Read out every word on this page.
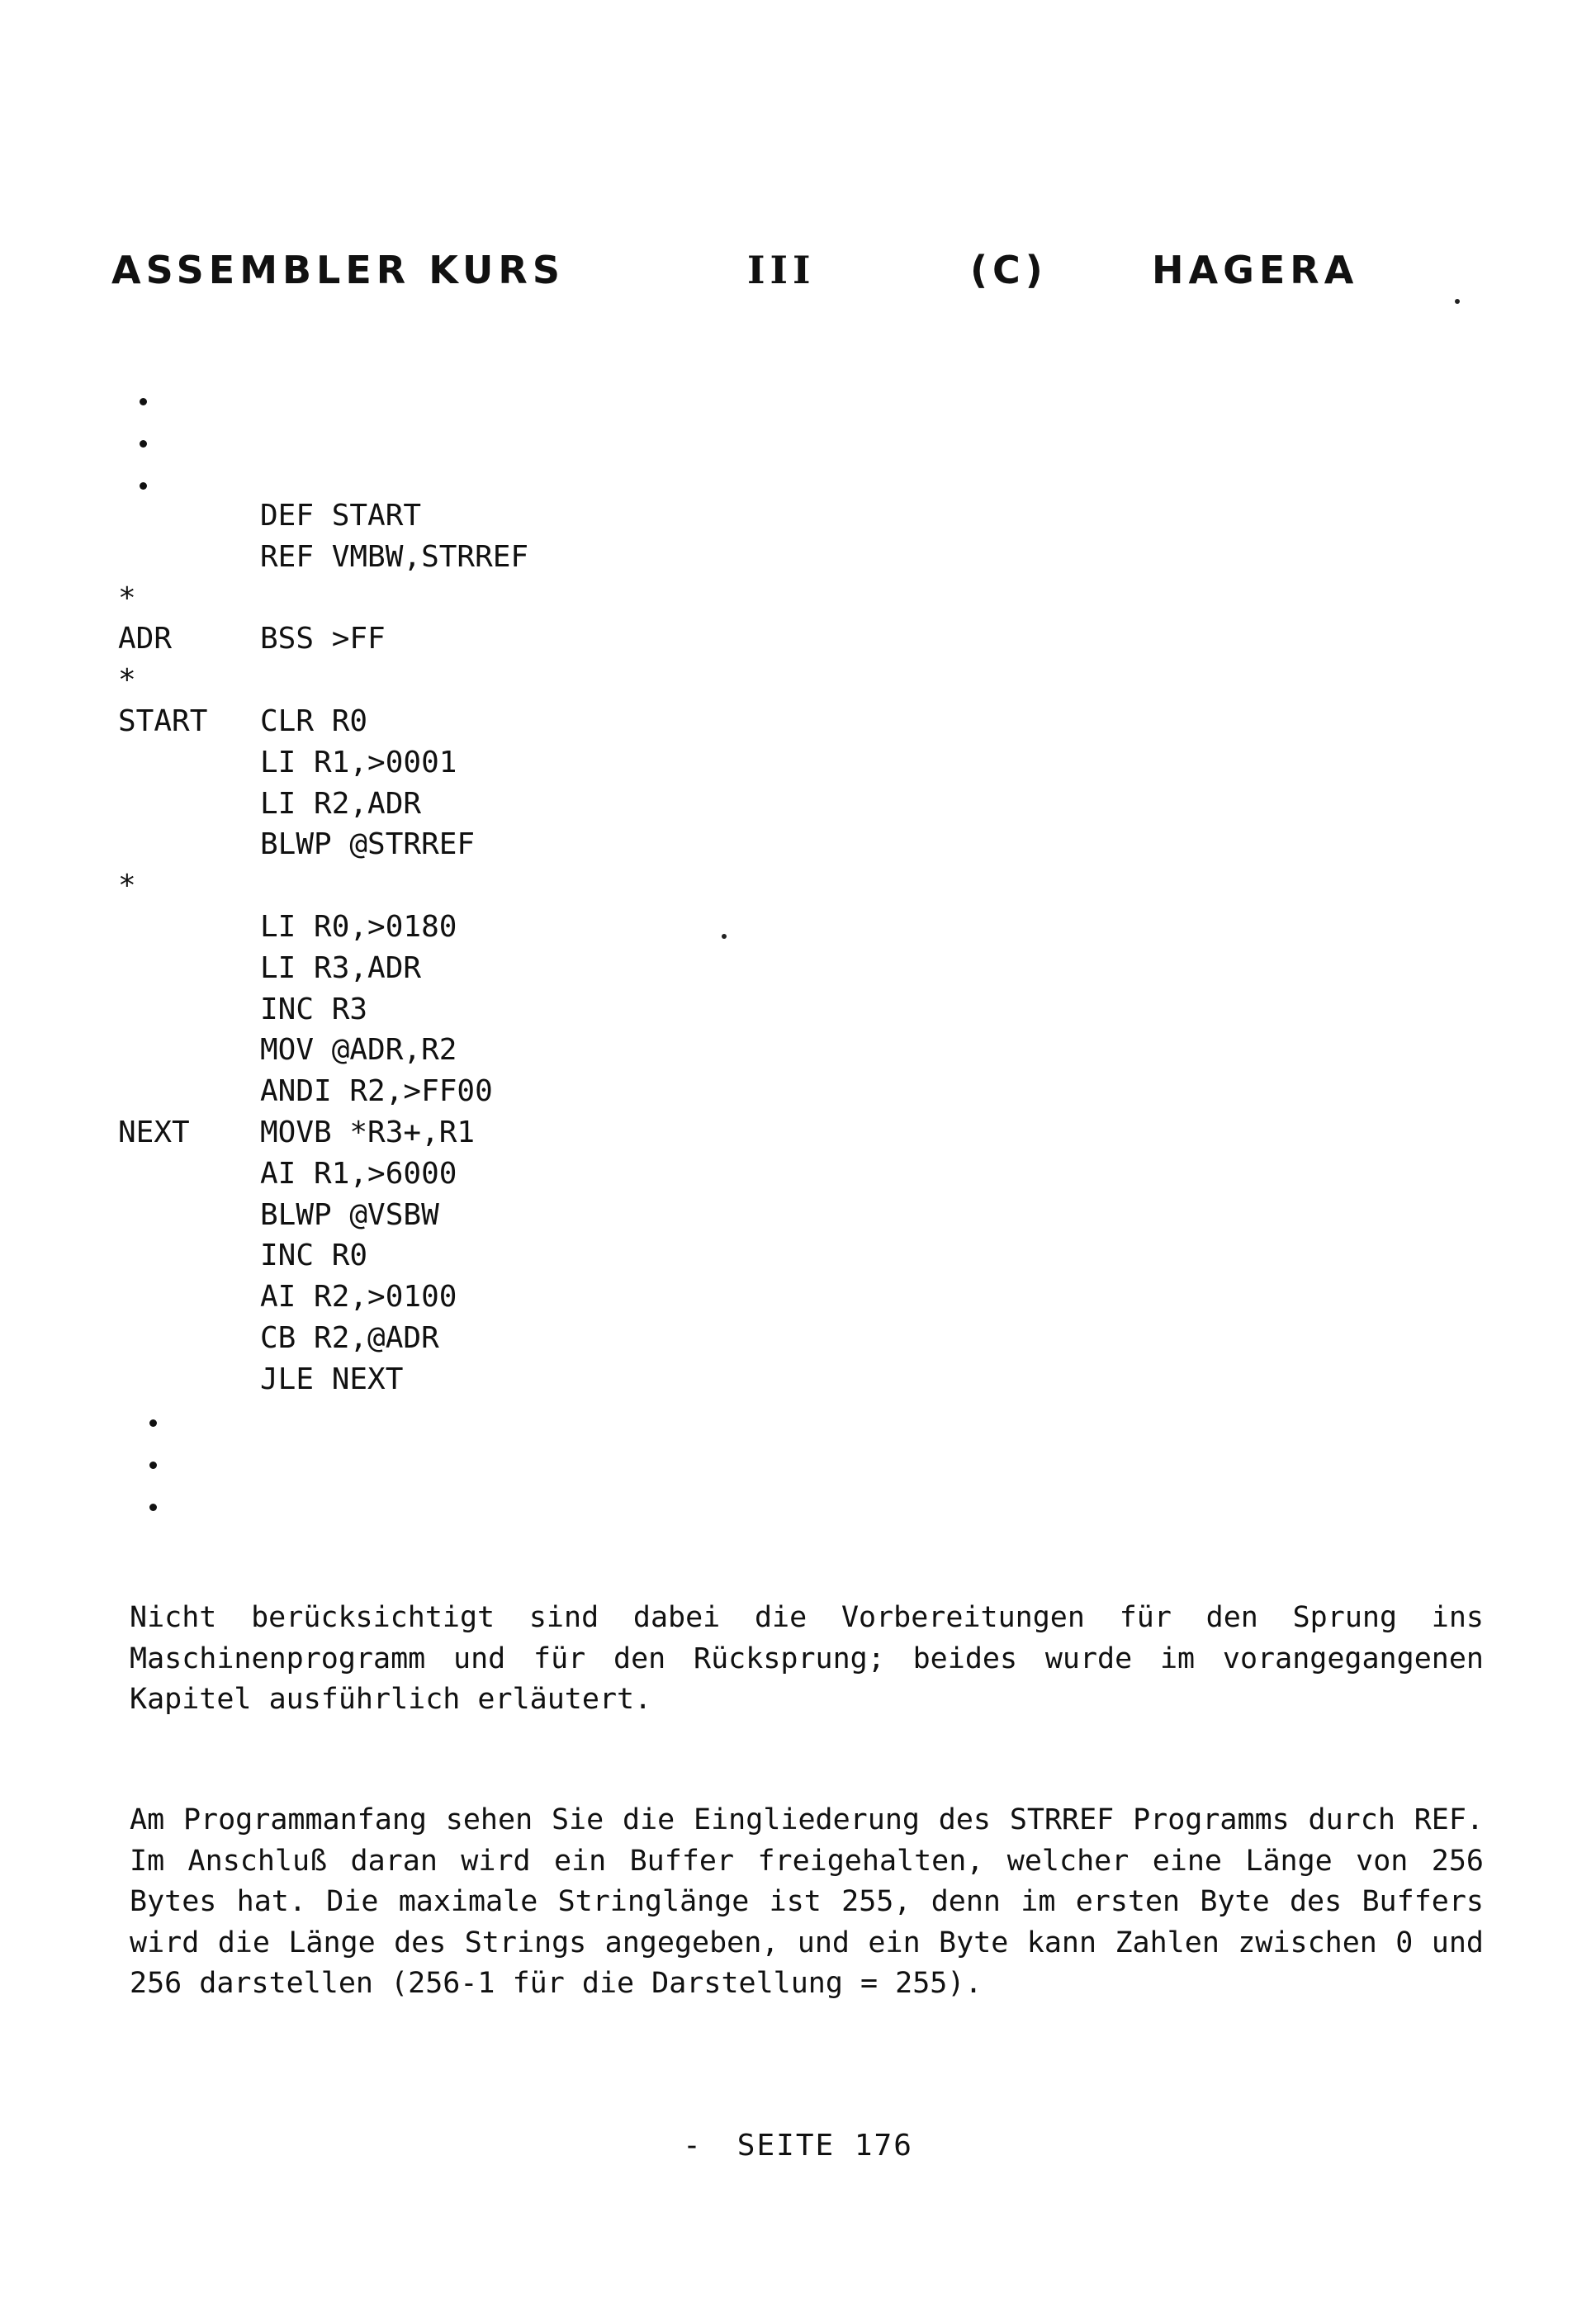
ASSEMBLER KURS	III	(C)	HAGERA
DEF START
REF VMBW,STRREF
*
ADR	BSS >FF
*
START CLR R0
LI R1,>0001
LI R2,ADR
BLWP @STRREF
*
LI R0,>0180
LI R3,ADR
INC R3
MOV @ADR,R2
ANDI R2,>FF00
NEXT MOVB *R3+,R1
AI R1,>6000
BLWP @VSBW
INC R0
AI R2,>0100
CB R2,@ADR
JLE NEXT

Nicht berücksichtigt sind dabei die Vorbereitungen für den Sprung ins Maschinenprogramm und für den Rücksprung; beides wurde im vorangegangenen Kapitel ausführlich erläutert.

Am Programmanfang sehen Sie die Eingliederung des STRREF Programms durch REF. Im Anschluß daran wird ein Buffer freigehalten, welcher eine Länge von 256 Bytes hat. Die maximale Stringlänge ist 255, denn im ersten Byte des Buffers wird die Länge des Strings angegeben, und ein Byte kann Zahlen zwischen 0 und 256 darstellen (256-1 für die Darstellung = 255).

- SEITE 176
